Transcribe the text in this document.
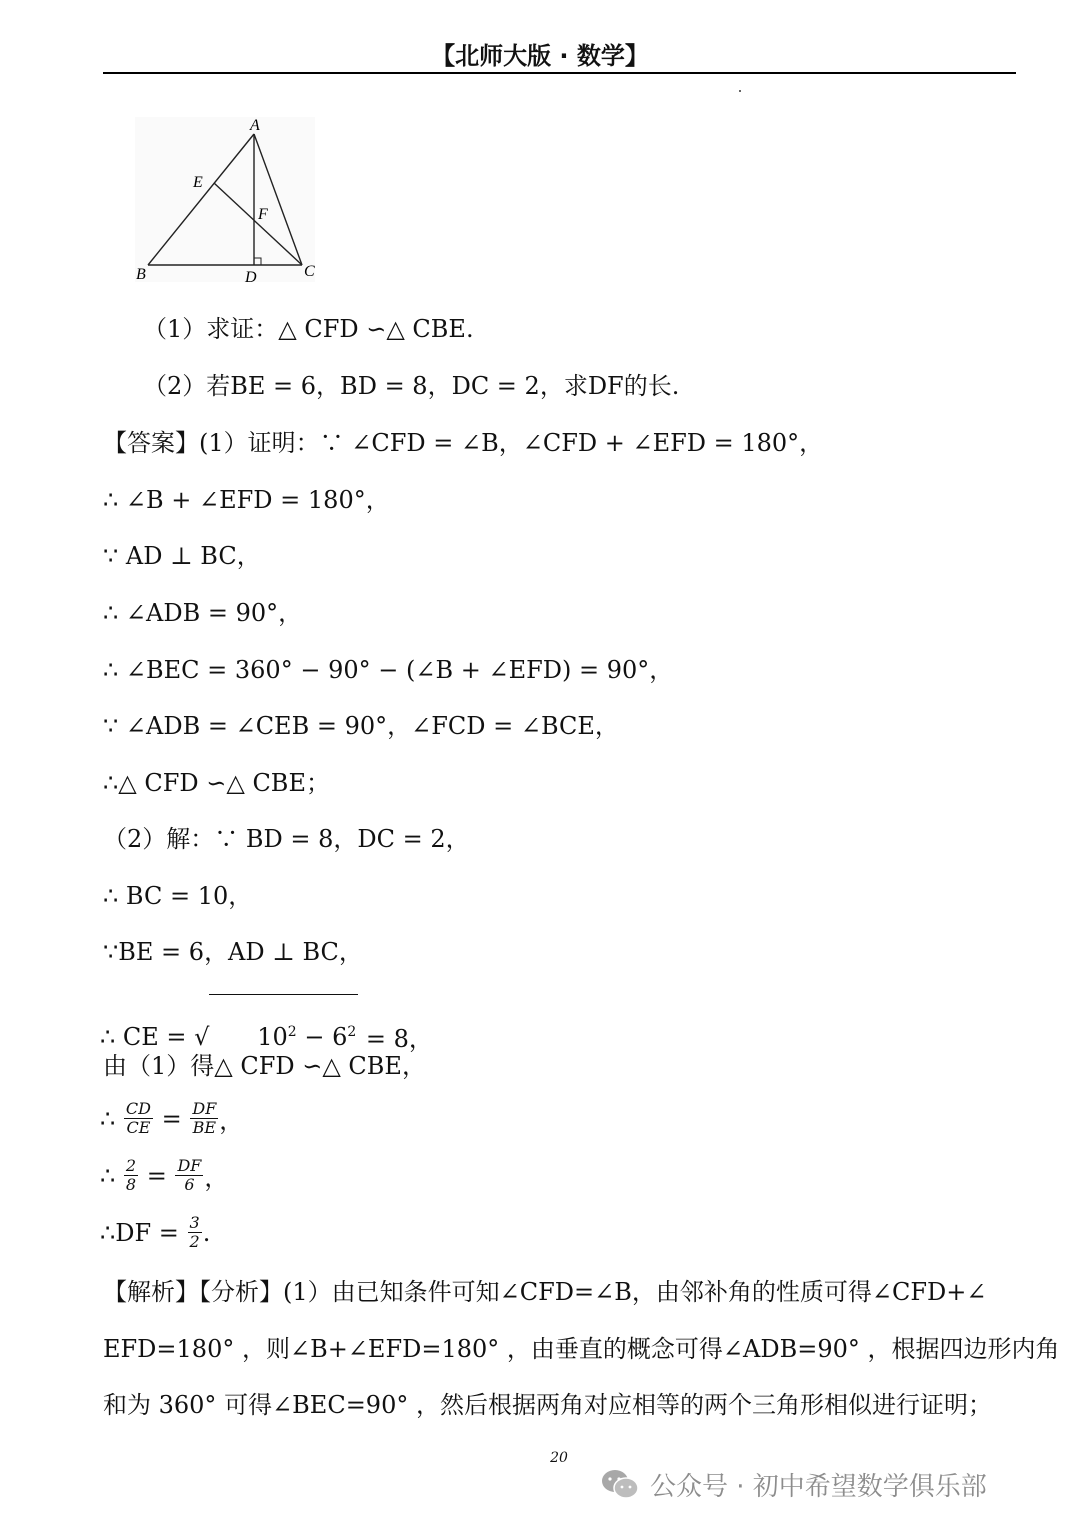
【北师大版 · 数学】
A
B	C
D
E
F
（1）求证：△ CFD ∽△ CBE.
（2）若BE = 6，BD = 8，DC = 2，求DF的长.
【答案】(1）证明：∵ ∠CFD = ∠B，∠CFD + ∠EFD = 180°，
∴ ∠B + ∠EFD = 180°，
∵ AD ⊥ BC，
∴ ∠ADB = 90°，
∴ ∠BEC = 360° − 90° − (∠B + ∠EFD) = 90°，
∵ ∠ADB = ∠CEB = 90°，∠FCD = ∠BCE，
∴△ CFD ∽△ CBE；
（2）解：∵ BD = 8，DC = 2，
∴ BC = 10，
∵BE = 6，AD ⊥ BC，
∴ CE = √	$10^2 - 6^2$
= 8，
由（1）得△ CFD ∽△ CBE，
∴ $\frac{CD}{CE} = \frac{DF}{BE}$ ，
∴ $\frac{2}{8} = \frac{DF}{6}$ ，
∴DF = $\frac{3}{2}$ .
【解析】【分析】(1）由已知条件可知∠CFD=∠B，由邻补角的性质可得∠CFD+∠
EFD=180° ，则∠B+∠EFD=180° ，由垂直的概念可得∠ADB=90° ，根据四边形内角
和为 360° 可得∠BEC=90° ，然后根据两角对应相等的两个三角形相似进行证明；
20
公众号 · 初中希望数学俱乐部
